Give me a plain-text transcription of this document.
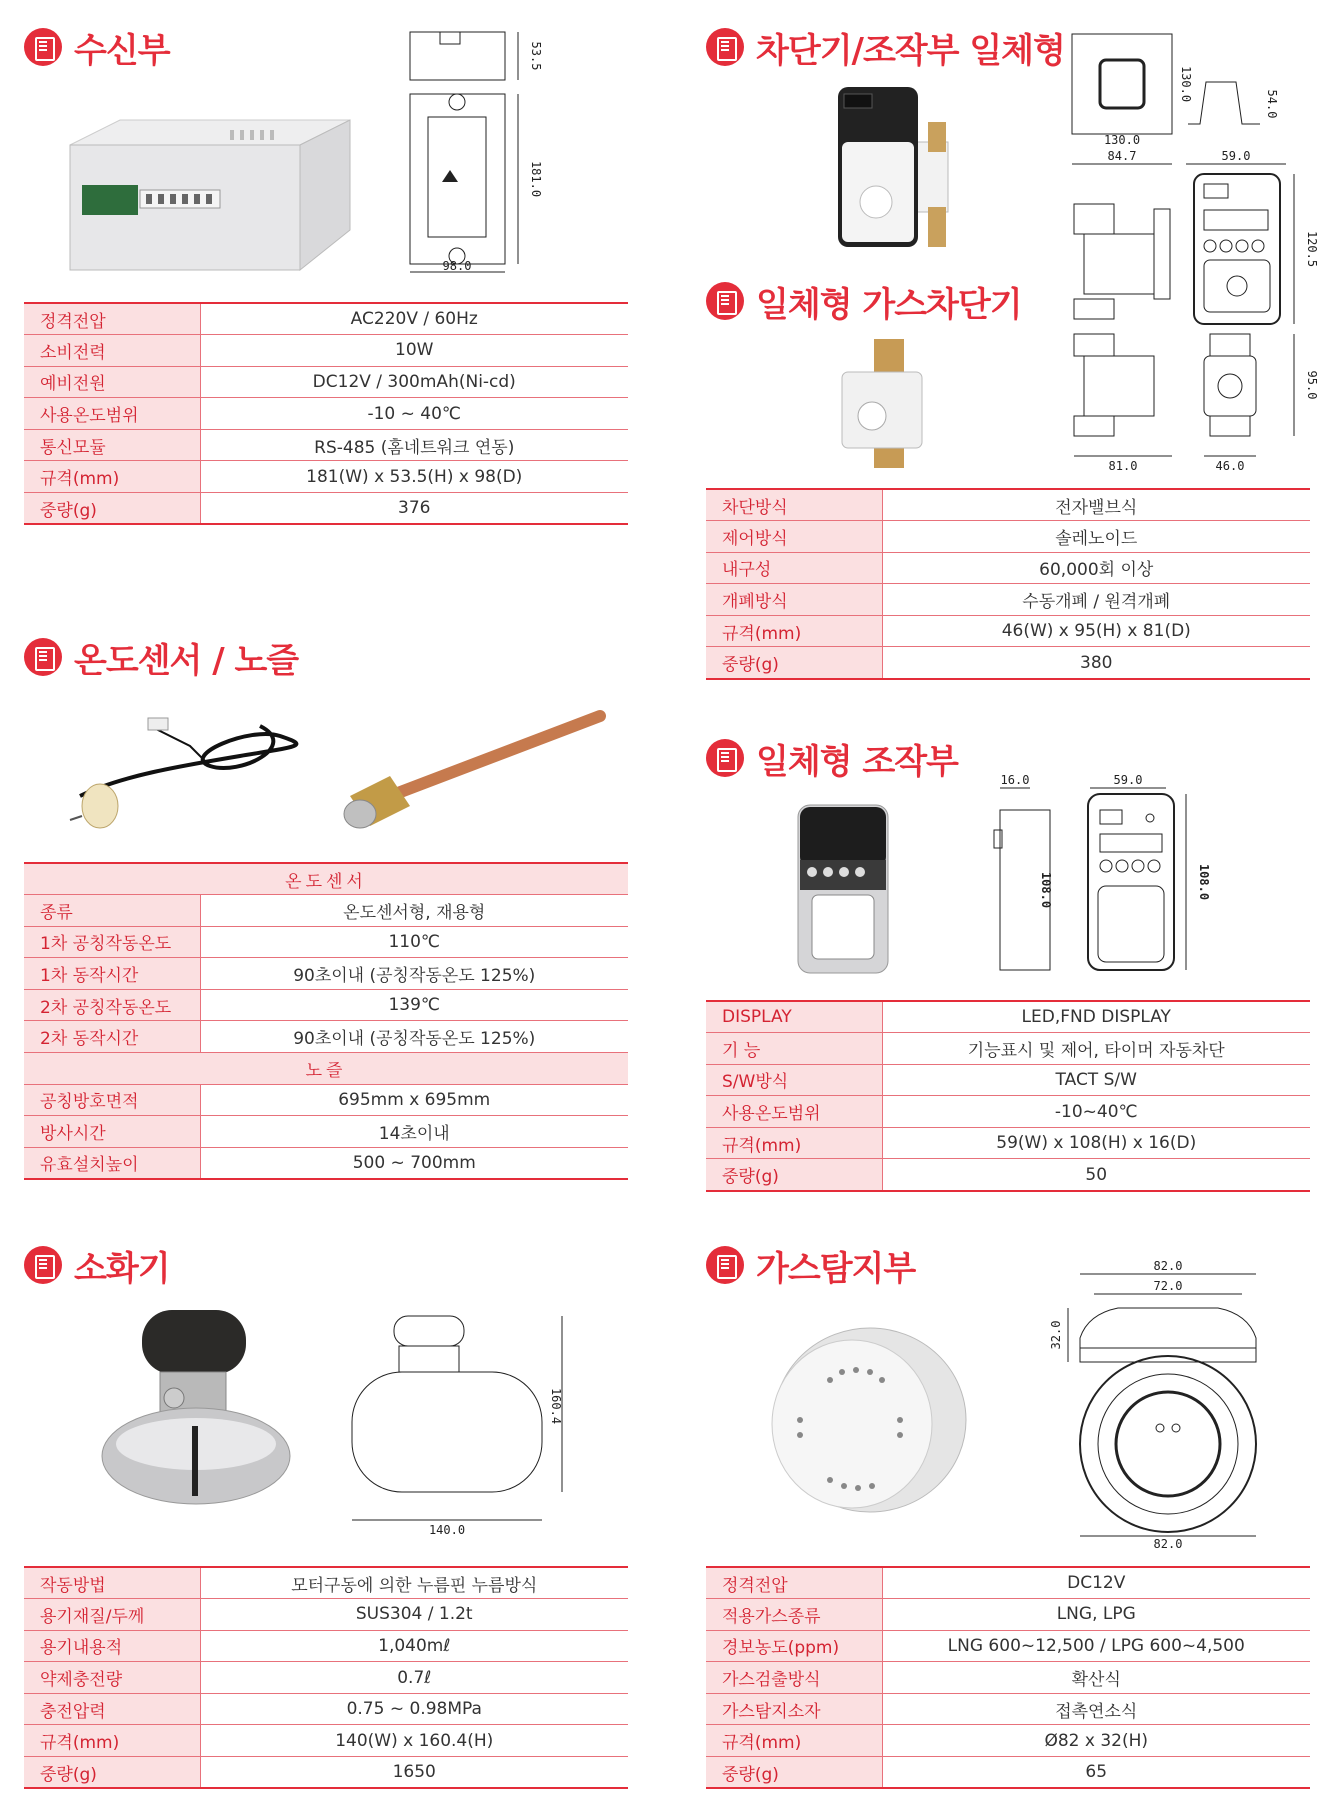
수신부	53.5
181.0
98.0
정격전압	AC220V / 60Hz
소비전력	10W
예비전원	DC12V / 300mAh(Ni-cd)
사용온도범위	-10 ~ 40℃
통신모듈	RS-485 (홈네트워크 연동)
규격(mm)	181(W) x 53.5(H) x 98(D)
중량(g)	376
차단기/조작부 일체형
130.0
130.0
54.0
84.7	59.0
120.5
95.0
81.0	46.0
일체형 가스차단기
차단방식	전자밸브식
제어방식	솔레노이드
내구성	60,000회 이상
개폐방식	수동개폐 / 원격개폐
규격(mm)	46(W) x 95(H) x 81(D)
중량(g)	380
온도센서 / 노즐
온도센서	
종류	온도센서형, 재용형
1차 공칭작동온도	110℃
1차 동작시간	90초이내 (공칭작동온도 125%)
2차 공칭작동온도	139℃
2차 동작시간	90초이내 (공칭작동온도 125%)
노즐	
공칭방호면적	695mm x 695mm
방사시간	14초이내
유효설치높이	500 ~ 700mm
일체형 조작부	16.0
108.0
59.0
108.0
DISPLAY	LED,FND DISPLAY
기 능	기능표시 및 제어, 타이머 자동차단
S/W방식	TACT S/W
사용온도범위	-10~40℃
규격(mm)	59(W) x 108(H) x 16(D)
중량(g)	50
소화기
160.4
140.0
작동방법	모터구동에 의한 누름핀 누름방식
용기재질/두께	SUS304 / 1.2t
용기내용적	1,040mℓ
약제충전량	0.7ℓ
충전압력	0.75 ~ 0.98MPa
규격(mm)	140(W) x 160.4(H)
중량(g)	1650
가스탐지부	82.0
72.0
32.0
82.0
정격전압	DC12V
적용가스종류	LNG, LPG
경보농도(ppm)	LNG 600~12,500 / LPG 600~4,500
가스검출방식	확산식
가스탐지소자	접촉연소식
규격(mm)	Ø82 x 32(H)
중량(g)	65
